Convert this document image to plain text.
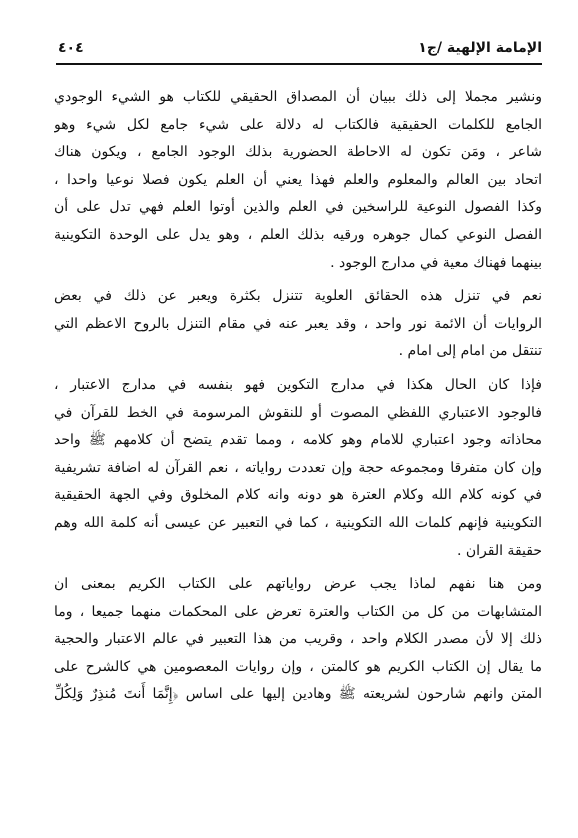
الإمامة الإلهية /ج١
٤٠٤

ونشير مجملا إلى ذلك ببيان أن المصداق الحقيقي للكتاب هو الشيء الوجودي
الجامع للكلمات الحقيقية فالكتاب له دلالة على شيء جامع لكل شيء وهو
شاعر ، ومَن تكون له الاحاطة الحضورية بذلك الوجود الجامع ، ويكون هناك
اتحاد بين العالم والمعلوم والعلم فهذا يعني أن العلم يكون فصلا نوعيا واحدا ،
وكذا الفصول النوعية للراسخين في العلم والذين أوتوا العلم فهي تدل على أن
الفصل النوعي كمال جوهره ورقيه بذلك العلم ، وهو يدل على الوحدة التكوينية
بينهما فهناك معية في مدارج الوجود .

نعم في تنزل هذه الحقائق العلوية تتنزل بكثرة ويعبر عن ذلك في بعض
الروايات أن الائمة نور واحد ، وقد يعبر عنه في مقام التنزل بالروح الاعظم التي
تنتقل من امام إلى امام .

فإذا كان الحال هكذا في مدارج التكوين فهو بنفسه في مدارج الاعتبار ،
فالوجود الاعتباري اللفظي المصوت أو للنقوش المرسومة في الخط للقرآن في
محاذاته وجود اعتباري للامام وهو كلامه ، ومما تقدم يتضح أن كلامهم ﷺ واحد
وإن كان متفرقا ومجموعه حجة وإن تعددت رواياته ، نعم القرآن له اضافة تشريفية
في كونه كلام الله وكلام العترة هو دونه وانه كلام المخلوق وفي الجهة الحقيقية
التكوينية فإنهم كلمات الله التكوينية ، كما في التعبير عن عيسى أنه كلمة الله وهم
حقيقة القران .

ومن هنا نفهم لماذا يجب عرض رواياتهم على الكتاب الكريم بمعنى ان
المتشابهات من كل من الكتاب والعترة تعرض على المحكمات منهما جميعا ، وما
ذلك إلا لأن مصدر الكلام واحد ، وقريب من هذا التعبير في عالم الاعتبار والحجية
ما يقال إن الكتاب الكريم هو كالمتن ، وإن روايات المعصومين هي كالشرح على
المتن وانهم شارحون لشريعته ﷺ وهادين إليها على اساس ﴿إِنَّمَا أَنتَ مُنذِرٌ وَلِكُلِّ
